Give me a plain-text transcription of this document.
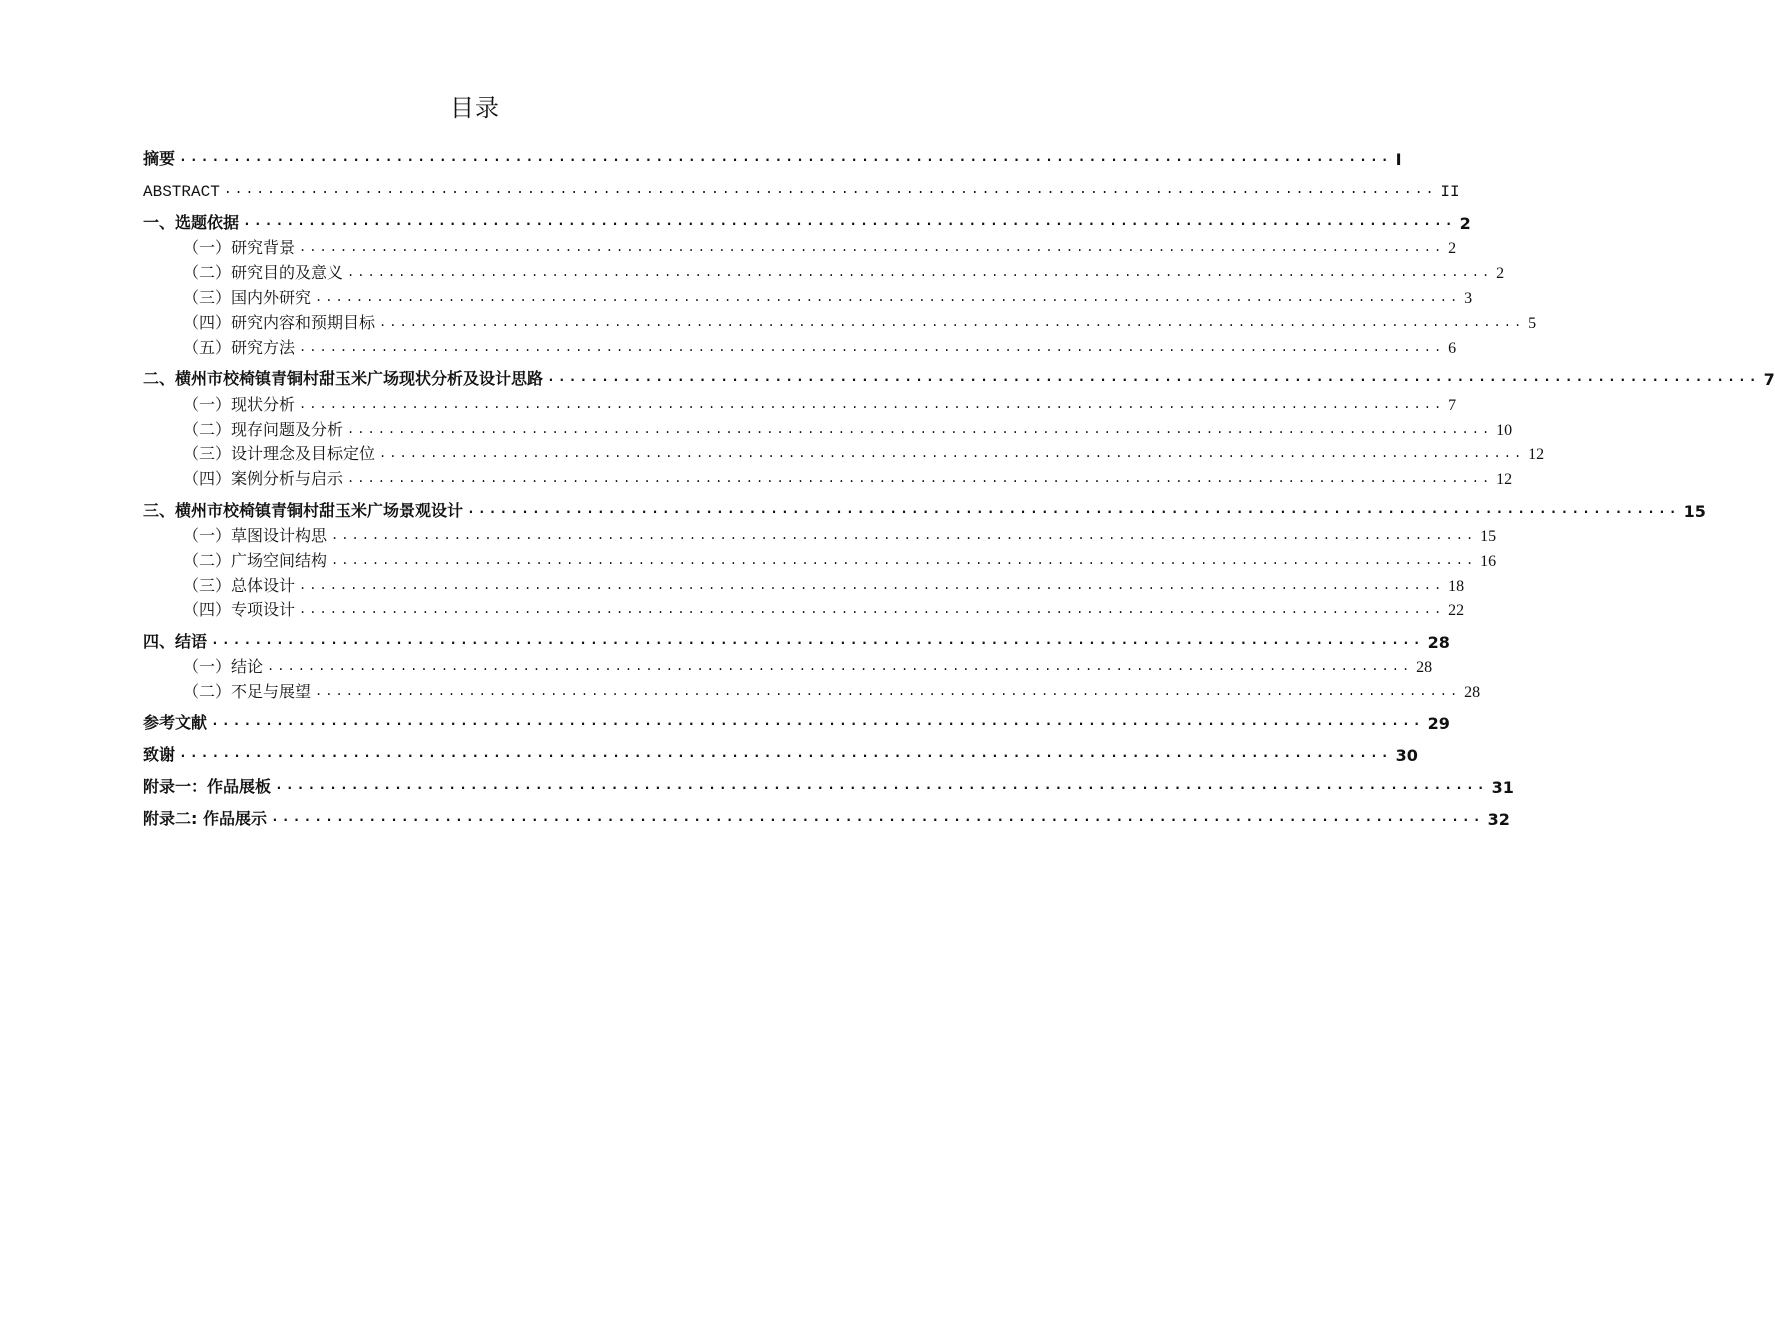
目录
摘要 ................................................................................................................ I
ABSTRACT ................................................................................................................ II
一、选题依据 ................................................................................................................ 2
（一）研究背景 ................................................................................................................ 2
（二）研究目的及意义 ................................................................................................................ 2
（三）国内外研究 ................................................................................................................ 3
（四）研究内容和预期目标 ................................................................................................................ 5
（五）研究方法 ................................................................................................................ 6
二、横州市校椅镇青铜村甜玉米广场现状分析及设计思路 ................................................................................................................ 7
（一）现状分析 ................................................................................................................ 7
（二）现存问题及分析 ................................................................................................................ 10
（三）设计理念及目标定位 ................................................................................................................ 12
（四）案例分析与启示 ................................................................................................................ 12
三、横州市校椅镇青铜村甜玉米广场景观设计 ................................................................................................................ 15
（一）草图设计构思 ................................................................................................................ 15
（二）广场空间结构 ................................................................................................................ 16
（三）总体设计 ................................................................................................................ 18
（四）专项设计 ................................................................................................................ 22
四、结语 ................................................................................................................ 28
（一）结论 ................................................................................................................ 28
（二）不足与展望 ................................................................................................................ 28
参考文献 ................................................................................................................ 29
致谢 ................................................................................................................ 30
附录一：作品展板 ................................................................................................................ 31
附录二: 作品展示 ................................................................................................................ 32
